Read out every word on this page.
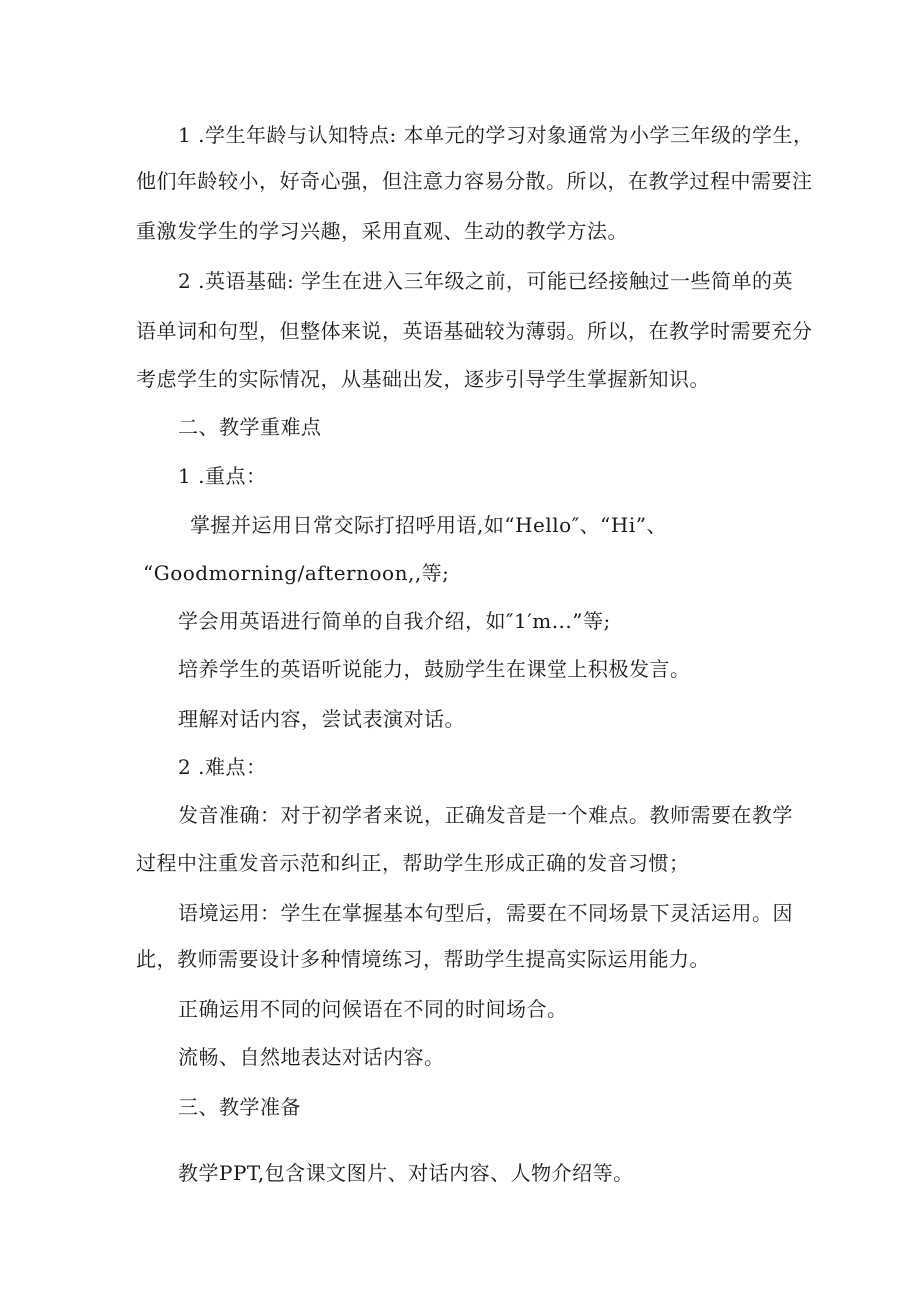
1 .学生年龄与认知特点: 本单元的学习对象通常为小学三年级的学生，
他们年龄较小，好奇心强，但注意力容易分散。所以，在教学过程中需要注
重激发学生的学习兴趣，采用直观、生动的教学方法。
2 .英语基础: 学生在进入三年级之前，可能已经接触过一些简单的英
语单词和句型，但整体来说，英语基础较为薄弱。所以，在教学时需要充分
考虑学生的实际情况，从基础出发，逐步引导学生掌握新知识。
二、教学重难点
1 .重点：
掌握并运用日常交际打招呼用语,如“Hello″、“Hi”、
“Goodmorning/afternoon,,等;
学会用英语进行简单的自我介绍，如″1′m...”等;
培养学生的英语听说能力，鼓励学生在课堂上积极发言。
理解对话内容，尝试表演对话。
2 .难点：
发音准确：对于初学者来说，正确发音是一个难点。教师需要在教学
过程中注重发音示范和纠正，帮助学生形成正确的发音习惯；
语境运用：学生在掌握基本句型后，需要在不同场景下灵活运用。因
此，教师需要设计多种情境练习，帮助学生提高实际运用能力。
正确运用不同的问候语在不同的时间场合。
流畅、自然地表达对话内容。
三、教学准备
教学PPT,包含课文图片、对话内容、人物介绍等。
